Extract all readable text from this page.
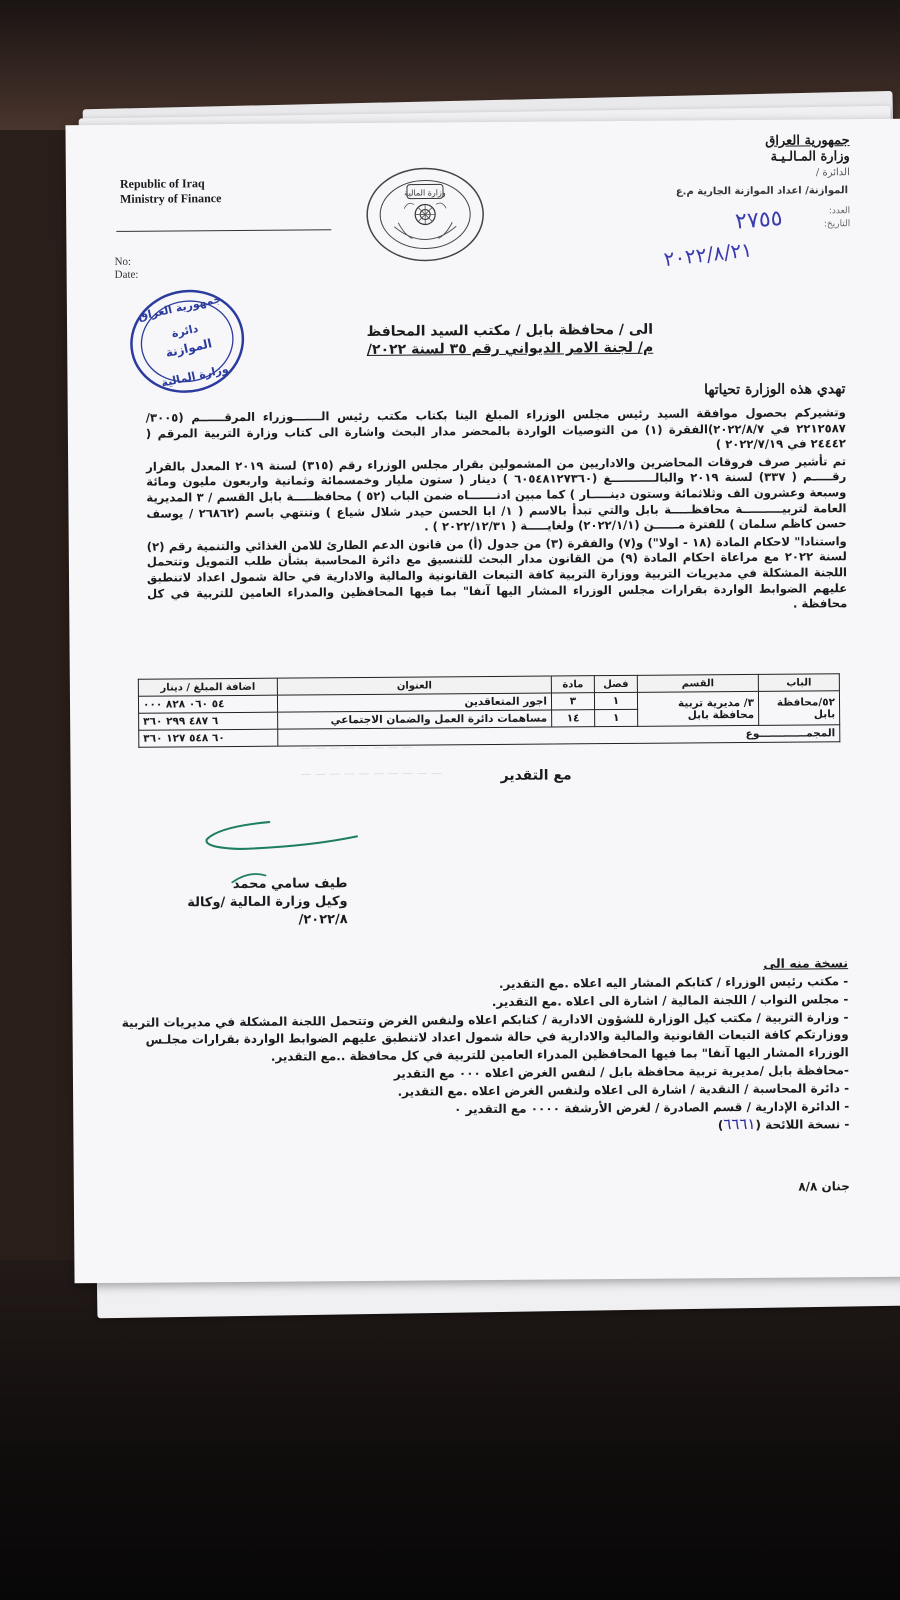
Republic of Iraq
Ministry of Finance
No:
Date:
جمهورية العراق
وزارة المـالـيـة
الدائرة /
الموازنة/ اعداد الموازنة الجارية م.ع
العدد:
التاريخ:
٢٧٥٥
٢٠٢٢/٨/٢١
وزارة المالية
جمهورية العراق
دائرة
الموازنة
وزارة المالية
الى / محافظة بابل / مكتب السيد المحافظ
م/ لجنة الامر الديواني رقم ٣٥ لسنة ٢٠٢٢/
تهدي هذه الوزارة تحياتها

وتشيركم بحصول موافقة السيد رئيس مجلس الوزراء المبلغ الينا بكتاب مكتب رئيس الـــــــوزراء المرقــــــم (٣٠٠٥/ ٢٢١٢٥٨٧ في ٢٠٢٢/٨/٧)الفقرة (١) من التوصيات الواردة بالمحضر مدار البحث واشارة الى كتاب وزارة التربية المرقم ( ٢٤٤٤٢ في ٢٠٢٢/٧/١٩ )

تم تأشير صرف فروقات المحاضرين والاداريين من المشمولين بقرار مجلس الوزراء رقم (٣١٥) لسنة ٢٠١٩ المعدل بالقرار رقـــــم ( ٣٣٧) لسنة ٢٠١٩ والبالـــــــــــغ (٦٠٥٤٨١٢٧٣٦٠ ) دينار ( ستون مليار وخمسمائة وثمانية واربعون مليون ومائة وسبعة وعشرون الف وثلاثمائة وستون دينـــــار ) كما مبين ادنـــــــاه ضمن الباب (٥٢ ) محافظـــــة بابل القسم / ٣ المديرية العامة لتربيــــــــــة محافظـــــة بابل والتي تبدأ بالاسم ( ١/ ابا الحسن حيدر شلال شياع ) وتنتهي باسم (٢٦٨٦٢ / يوسف حسن كاظم سلمان ) للفترة مــــــن (٢٠٢٢/١/١) ولغايـــــة ( ٢٠٢٢/١٢/٣١ ) .

واستنادا" لاحكام المادة (١٨ - اولا") و(٧) والفقرة (٣) من جدول (أ) من قانون الدعم الطارئ للامن الغذائي والتنمية رقم (٢) لسنة ٢٠٢٢ مع مراعاة احكام المادة (٩) من القانون مدار البحث للتنسيق مع دائرة المحاسبة بشأن طلب التمويل وتتحمل اللجنة المشكلة في مديريات التربية ووزارة التربية كافة التبعات القانونية والمالية والادارية في حالة شمول اعداد لاتنطبق عليهم الضوابط الواردة بقرارات مجلس الوزراء المشار اليها آنفا" بما فيها المحافظين والمدراء العامين للتربية في كل محافظة .

الباب	القسم	فصل	مادة	العنوان	اضافة المبلغ / دينار
٥٢/محافظة بابل	٣/ مديرية تربية محافظة بابل	١	٣	اجور المتعاقدين	٥٤ ٠٦٠ ٨٢٨ ٠٠٠
		١	١٤	مساهمات دائرة العمل والضمان الاجتماعي	٦ ٤٨٧ ٢٩٩ ٣٦٠
المجمـــــــــــــوع					٦٠ ٥٤٨ ١٢٧ ٣٦٠
— — — — — — — —
— — — — — — — — — —	مع التقدير
طيف سامي محمد
وكيل وزارة المالية /وكالة
٢٠٢٢/٨/
نسخة منه الى
- مكتب رئيس الوزراء / كتابكم المشار اليه اعلاه .مع التقدير.
- مجلس النواب / اللجنة المالية / اشارة الى اعلاه .مع التقدير.
- وزارة التربية / مكتب كيل الوزارة للشؤون الادارية / كتابكم اعلاه ولنفس الغرض وتتحمل اللجنة المشكلة في مديريات التربية ووزارتكم كافة التبعات القانونية والمالية والادارية في حالة شمول اعداد لاتنطبق عليهم الضوابط الواردة بقرارات مجلـس الوزراء المشار اليها آنفا" بما فيها المحافظين المدراء العامين للتربية في كل محافظة ..مع التقدير.
-محافظة بابل /مديرية تربية محافظة بابل / لنفس الغرض اعلاه ٠٠٠ مع التقدير
- دائرة المحاسبة / النقدية / اشارة الى اعلاه ولنفس الغرض اعلاه .مع التقدير.
- الدائرة الإدارية / قسم الصادرة / لغرض الأرشفة ٠٠٠٠ مع التقدير ٠
- نسخة اللائحة (٦٦٦١)
جنان ٨/٨
